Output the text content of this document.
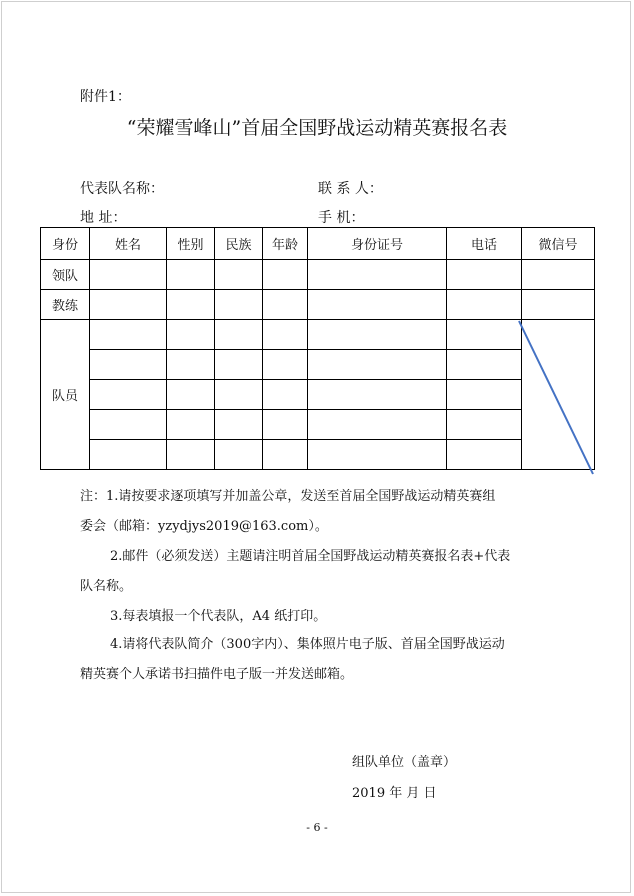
附件1：
“荣耀雪峰山”首届全国野战运动精英赛报名表
代表队名称：	联 系 人：
地 址：	手 机：
身份	姓名	性别	民族	年龄	身份证号	电话	微信号
领队							
教练							
队员							

注：1.请按要求逐项填写并加盖公章，发送至首届全国野战运动精英赛组
委会（邮箱：yzydjys2019@163.com）。
2.邮件（必须发送）主题请注明首届全国野战运动精英赛报名表+代表
队名称。
3.每表填报一个代表队，A4 纸打印。
4.请将代表队简介（300字内）、集体照片电子版、首届全国野战运动
精英赛个人承诺书扫描件电子版一并发送邮箱。
组队单位（盖章）
2019 年 月 日
- 6 -
